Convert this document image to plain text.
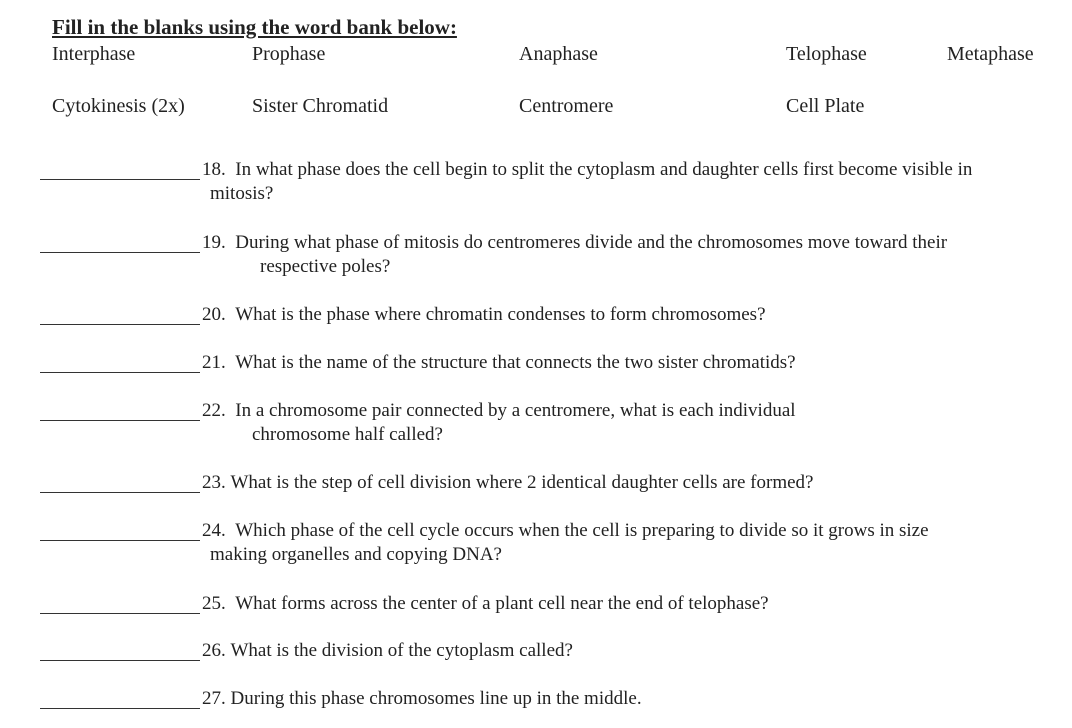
Fill in the blanks using the word bank below:
Interphase	Prophase	Anaphase	Telophase	Metaphase
Cytokinesis (2x)	Sister Chromatid	Centromere	Cell Plate
18. In what phase does the cell begin to split the cytoplasm and daughter cells first become visible in
mitosis?
19. During what phase of mitosis do centromeres divide and the chromosomes move toward their
respective poles?
20. What is the phase where chromatin condenses to form chromosomes?
21. What is the name of the structure that connects the two sister chromatids?
22. In a chromosome pair connected by a centromere, what is each individual
chromosome half called?
23. What is the step of cell division where 2 identical daughter cells are formed?
24. Which phase of the cell cycle occurs when the cell is preparing to divide so it grows in size
making organelles and copying DNA?
25. What forms across the center of a plant cell near the end of telophase?
26. What is the division of the cytoplasm called?
27. During this phase chromosomes line up in the middle.
